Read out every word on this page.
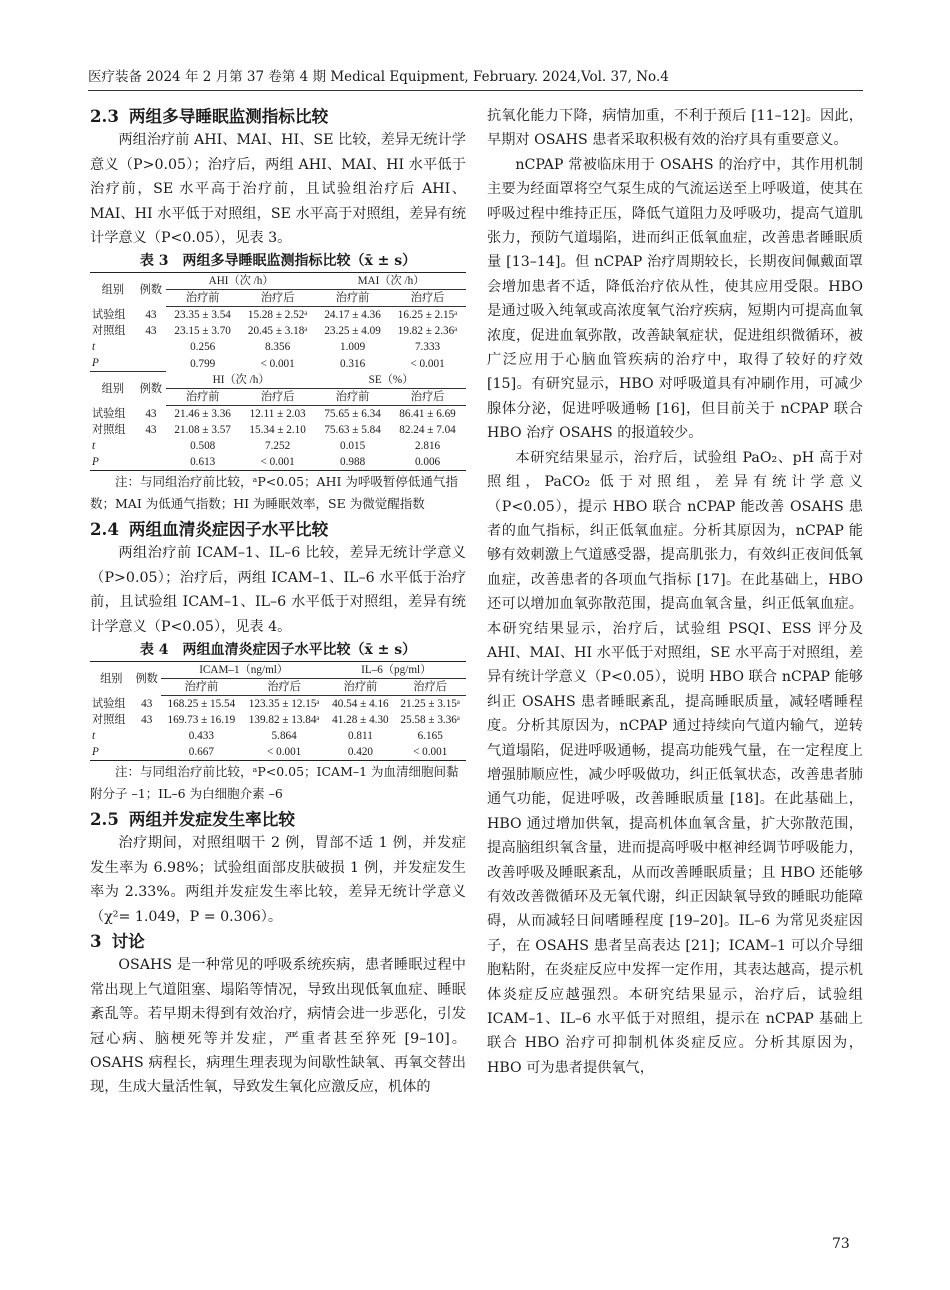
医疗装备 2024 年 2 月第 37 卷第 4 期 Medical Equipment, February. 2024,Vol. 37, No.4
2.3 两组多导睡眠监测指标比较

两组治疗前 AHI、MAI、HI、SE 比较，差异无统计学意义（P>0.05）；治疗后，两组 AHI、MAI、HI 水平低于治疗前，SE 水平高于治疗前，且试验组治疗后 AHI、MAI、HI 水平低于对照组，SE 水平高于对照组，差异有统计学意义（P<0.05），见表 3。

表 3　两组多导睡眠监测指标比较（x̄ ± s）

组别	例数	AHI（次 /h）		MAI（次 /h）	
		治疗前	治疗后	治疗前	治疗后
试验组	43	23.35 ± 3.54	15.28 ± 2.52ᵃ	24.17 ± 4.36	16.25 ± 2.15ᵃ
对照组	43	23.15 ± 3.70	20.45 ± 3.18ᵃ	23.25 ± 4.09	19.82 ± 2.36ᵃ
t		0.256	8.356	1.009	7.333
P		0.799	< 0.001	0.316	< 0.001
组别	例数	HI（次 /h）		SE（%）	
		治疗前	治疗后	治疗前	治疗后
试验组	43	21.46 ± 3.36	12.11 ± 2.03	75.65 ± 6.34	86.41 ± 6.69
对照组	43	21.08 ± 3.57	15.34 ± 2.10	75.63 ± 5.84	82.24 ± 7.04
t		0.508	7.252	0.015	2.816
P		0.613	< 0.001	0.988	0.006

注：与同组治疗前比较，ᵃP<0.05；AHI 为呼吸暂停低通气指数；MAI 为低通气指数；HI 为睡眠效率，SE 为微觉醒指数

2.4 两组血清炎症因子水平比较

两组治疗前 ICAM–1、IL–6 比较，差异无统计学意义（P>0.05）；治疗后，两组 ICAM–1、IL–6 水平低于治疗前，且试验组 ICAM–1、IL–6 水平低于对照组，差异有统计学意义（P<0.05），见表 4。

表 4　两组血清炎症因子水平比较（x̄ ± s）

组别	例数	ICAM–1（ng/ml）		IL–6（pg/ml）	
		治疗前	治疗后	治疗前	治疗后
试验组	43	168.25 ± 15.54	123.35 ± 12.15ᵃ	40.54 ± 4.16	21.25 ± 3.15ᵃ
对照组	43	169.73 ± 16.19	139.82 ± 13.84ᵃ	41.28 ± 4.30	25.58 ± 3.36ᵃ
t		0.433	5.864	0.811	6.165
P		0.667	< 0.001	0.420	< 0.001

注：与同组治疗前比较，ᵃP<0.05；ICAM–1 为血清细胞间黏附分子 –1；IL–6 为白细胞介素 –6

2.5 两组并发症发生率比较

治疗期间，对照组咽干 2 例，胃部不适 1 例，并发症发生率为 6.98%；试验组面部皮肤破损 1 例，并发症发生率为 2.33%。两组并发症发生率比较，差异无统计学意义（χ²= 1.049，P = 0.306）。

3 讨论

OSAHS 是一种常见的呼吸系统疾病，患者睡眠过程中常出现上气道阻塞、塌陷等情况，导致出现低氧血症、睡眠紊乱等。若早期未得到有效治疗，病情会进一步恶化，引发冠心病、脑梗死等并发症，严重者甚至猝死 [9–10]。OSAHS 病程长，病理生理表现为间歇性缺氧、再氧交替出现，生成大量活性氧，导致发生氧化应激反应，机体的

抗氧化能力下降，病情加重，不利于预后 [11–12]。因此，早期对 OSAHS 患者采取积极有效的治疗具有重要意义。

nCPAP 常被临床用于 OSAHS 的治疗中，其作用机制主要为经面罩将空气泵生成的气流运送至上呼吸道，使其在呼吸过程中维持正压，降低气道阻力及呼吸功，提高气道肌张力，预防气道塌陷，进而纠正低氧血症，改善患者睡眠质量 [13–14]。但 nCPAP 治疗周期较长，长期夜间佩戴面罩会增加患者不适，降低治疗依从性，使其应用受限。HBO 是通过吸入纯氧或高浓度氧气治疗疾病，短期内可提高血氧浓度，促进血氧弥散，改善缺氧症状，促进组织微循环，被广泛应用于心脑血管疾病的治疗中，取得了较好的疗效 [15]。有研究显示，HBO 对呼吸道具有冲刷作用，可减少腺体分泌，促进呼吸通畅 [16]，但目前关于 nCPAP 联合 HBO 治疗 OSAHS 的报道较少。

本研究结果显示，治疗后，试验组 PaO₂、pH 高于对照组，PaCO₂ 低于对照组，差异有统计学意义（P<0.05），提示 HBO 联合 nCPAP 能改善 OSAHS 患者的血气指标，纠正低氧血症。分析其原因为，nCPAP 能够有效刺激上气道感受器，提高肌张力，有效纠正夜间低氧血症，改善患者的各项血气指标 [17]。在此基础上，HBO 还可以增加血氧弥散范围，提高血氧含量，纠正低氧血症。本研究结果显示，治疗后，试验组 PSQI、ESS 评分及 AHI、MAI、HI 水平低于对照组，SE 水平高于对照组，差异有统计学意义（P<0.05），说明 HBO 联合 nCPAP 能够纠正 OSAHS 患者睡眠紊乱，提高睡眠质量，减轻嗜睡程度。分析其原因为，nCPAP 通过持续向气道内输气，逆转气道塌陷，促进呼吸通畅，提高功能残气量，在一定程度上增强肺顺应性，减少呼吸做功，纠正低氧状态，改善患者肺通气功能，促进呼吸，改善睡眠质量 [18]。在此基础上，HBO 通过增加供氧，提高机体血氧含量，扩大弥散范围，提高脑组织氧含量，进而提高呼吸中枢神经调节呼吸能力，改善呼吸及睡眠紊乱，从而改善睡眠质量；且 HBO 还能够有效改善微循环及无氧代谢，纠正因缺氧导致的睡眠功能障碍，从而减轻日间嗜睡程度 [19–20]。IL–6 为常见炎症因子，在 OSAHS 患者呈高表达 [21]；ICAM–1 可以介导细胞粘附，在炎症反应中发挥一定作用，其表达越高，提示机体炎症反应越强烈。本研究结果显示，治疗后，试验组 ICAM–1、IL–6 水平低于对照组，提示在 nCPAP 基础上联合 HBO 治疗可抑制机体炎症反应。分析其原因为，HBO 可为患者提供氧气，

73
